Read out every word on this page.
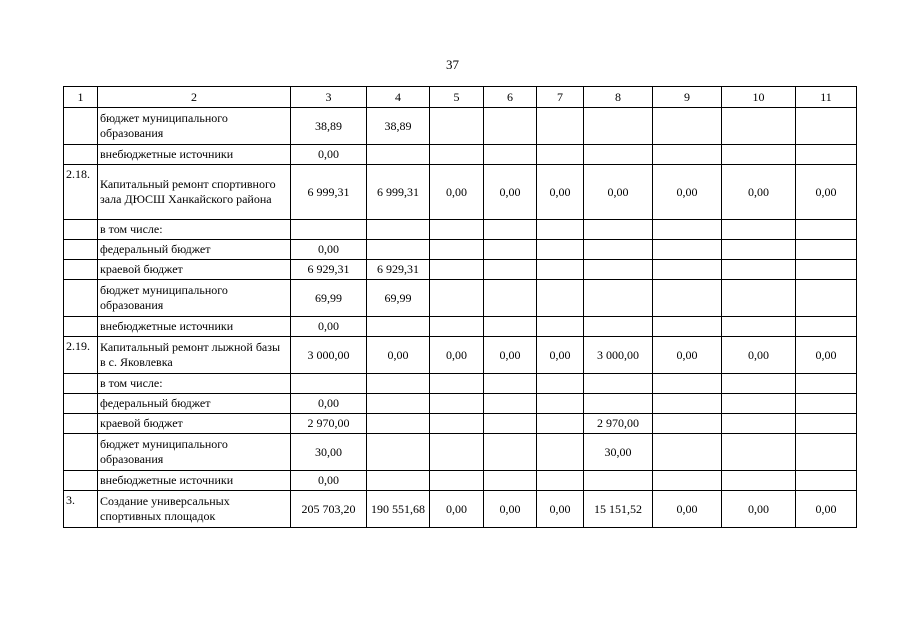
37
1	2	3	4	5	6	7	8	9	10	11
	бюджет муниципального образования	38,89	38,89							
	внебюджетные источники	0,00								
2.18.	Капитальный ремонт спортивного зала ДЮСШ Ханкайского района	6 999,31	6 999,31	0,00	0,00	0,00	0,00	0,00	0,00	0,00
	в том числе:									
	федеральный бюджет	0,00								
	краевой бюджет	6 929,31	6 929,31							
	бюджет муниципального образования	69,99	69,99							
	внебюджетные источники	0,00								
2.19.	Капитальный ремонт лыжной базы в с. Яковлевка	3 000,00	0,00	0,00	0,00	0,00	3 000,00	0,00	0,00	0,00
	в том числе:									
	федеральный бюджет	0,00								
	краевой бюджет	2 970,00					2 970,00			
	бюджет муниципального образования	30,00					30,00			
	внебюджетные источники	0,00								
3.	Создание универсальных спортивных площадок	205 703,20	190 551,68	0,00	0,00	0,00	15 151,52	0,00	0,00	0,00
